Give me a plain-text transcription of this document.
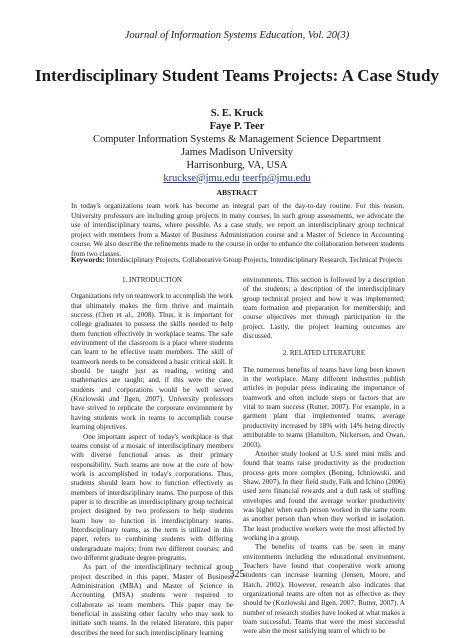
Journal of Information Systems Education, Vol. 20(3)
Interdisciplinary Student Teams Projects: A Case Study
S. E. Kruck
Faye P. Teer
Computer Information Systems & Management Science Department
James Madison University
Harrisonburg, VA, USA
kruckse@jmu.edu teerfp@jmu.edu
ABSTRACT
In today's organizations team work has become an integral part of the day-to-day routine. For this reason, University professors are including group projects in many courses. In such group assessments, we advocate the use of interdisciplinary teams, where possible. As a case study, we report an interdisciplinary group technical project with members from a Master of Business Administration course and a Master of Science in Accounting course. We also describe the refinements made to the course in order to enhance the collaboration between students from two classes.
Keywords: Interdisciplinary Projects, Collaborative Group Projects, Interdisciplinary Research, Technical Projects
1. INTRODUCTION

Organizations rely on teamwork to accomplish the work that ultimately makes the firm thrive and maintain success (Chen et al., 2008). Thus, it is important for college graduates to possess the skills needed to help them function effectively in workplace teams. The safe environment of the classroom is a place where students can learn to be effective team members. The skill of teamwork needs to be considered a basic critical skill. It should be taught just as reading, writing and mathematics are taught; and, if this were the case, students and corporations would be well served (Kozlowski and Ilgen, 2007). University professors have strived to replicate the corporate environment by having students work in teams to accomplish course learning objectives.

One important aspect of today's workplace is that teams consist of a mosaic of interdisciplinary members with diverse functional areas as their primary responsibility. Such teams are now at the core of how work is accomplished in today's corporations. Thus, students should learn how to function effectively as members of interdisciplinary teams. The purpose of this paper is to describe an interdisciplinary group technical project designed by two professors to help students learn how to function in interdisciplinary teams. Interdisciplinary teams, as the term is utilized in this paper, refers to combining students with differing undergraduate majors; from two different courses; and two different graduate degree programs.

As part of the interdisciplinary technical group project described in this paper, Master of Business Administration (MBA) and Master of Science in Accounting (MSA) students were required to collaborate as team members. This paper may be beneficial in assisting other faculty who may seek to initiate such teams. In the related literature, this paper describes the need for such interdisciplinary learning

environments. This section is followed by a description of the students; a description of the interdisciplinary group technical project and how it was implemented; team formation and preparation for membership; and course objectives met through participation in the project. Lastly, the project learning outcomes are discussed.

2. RELATED LITERATURE

The numerous benefits of teams have long been known in the workplace. Many different industries publish articles in popular press indicating the importance of teamwork and often include steps or factors that are vital to team success (Rutter, 2007). For example, in a garment plant that implemented teams, average productivity increased by 18% with 14% being directly attributable to teams (Hamilton, Nickerson, and Owan, 2003).

Another study looked at U.S. steel mini mills and found that teams raise productivity as the production process gets more complex (Boning, Ichniowski, and Shaw, 2007). In their field study, Falk and Ichino (2006) used zero financial rewards and a dull task of stuffing envelopes and found the average worker productivity was higher when each person worked in the same room as another person than when they worked in isolation. The least productive workers were the most affected by working in a group.

The benefits of teams can be seen in many environments including the educational environment. Teachers have found that cooperative work among students can increase learning (Jensen, Moore, and Hatch, 2002). However, research also indicates that organizational teams are often not as effective as they should be (Kozlowski and Ilgen, 2007; Rutter, 2007). A number of research studies have looked at what makes a team successful. Teams that were the most successful were also the most satisfying team of which to be

325
